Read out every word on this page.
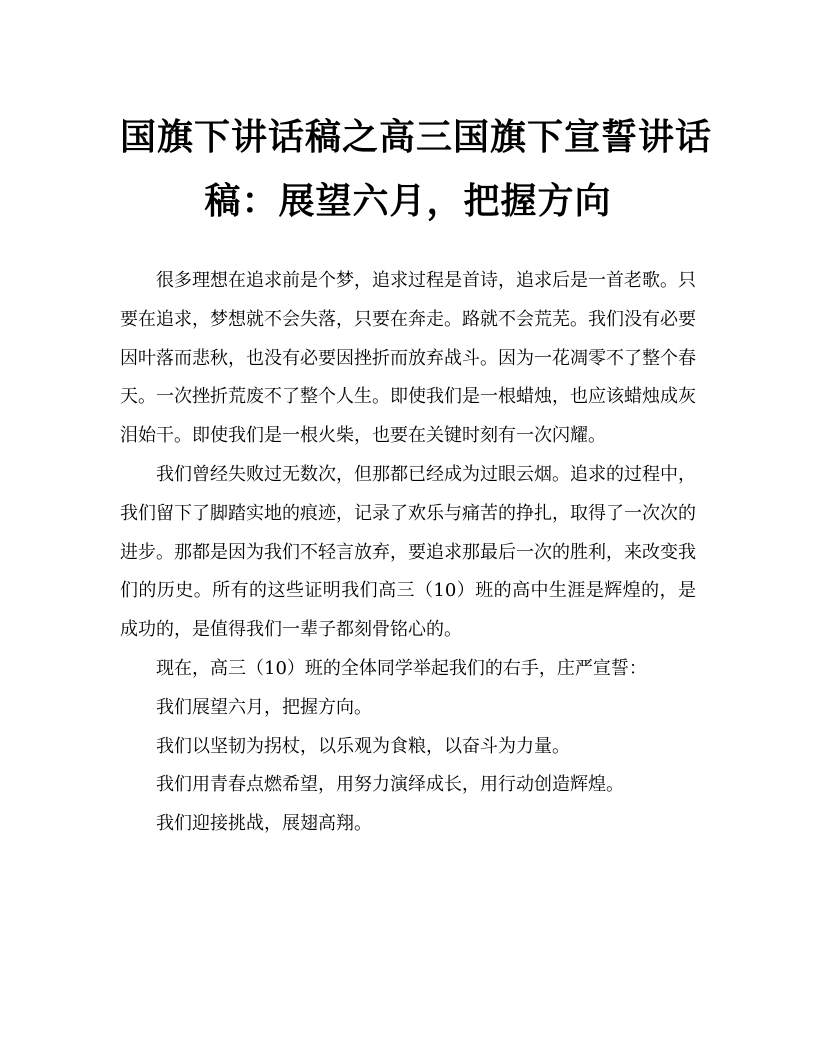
国旗下讲话稿之高三国旗下宣誓讲话
稿：展望六月，把握方向

很多理想在追求前是个梦，追求过程是首诗，追求后是一首老歌。只要在追求，梦想就不会失落，只要在奔走。路就不会荒芜。我们没有必要因叶落而悲秋，也没有必要因挫折而放弃战斗。因为一花凋零不了整个春天。一次挫折荒废不了整个人生。即使我们是一根蜡烛，也应该蜡烛成灰泪始干。即使我们是一根火柴，也要在关键时刻有一次闪耀。

我们曾经失败过无数次，但那都已经成为过眼云烟。追求的过程中，我们留下了脚踏实地的痕迹，记录了欢乐与痛苦的挣扎，取得了一次次的进步。那都是因为我们不轻言放弃，要追求那最后一次的胜利，来改变我们的历史。所有的这些证明我们高三（10）班的高中生涯是辉煌的，是成功的，是值得我们一辈子都刻骨铭心的。

现在，高三（10）班的全体同学举起我们的右手，庄严宣誓：

我们展望六月，把握方向。

我们以坚韧为拐杖，以乐观为食粮，以奋斗为力量。

我们用青春点燃希望，用努力演绎成长，用行动创造辉煌。

我们迎接挑战，展翅高翔。
